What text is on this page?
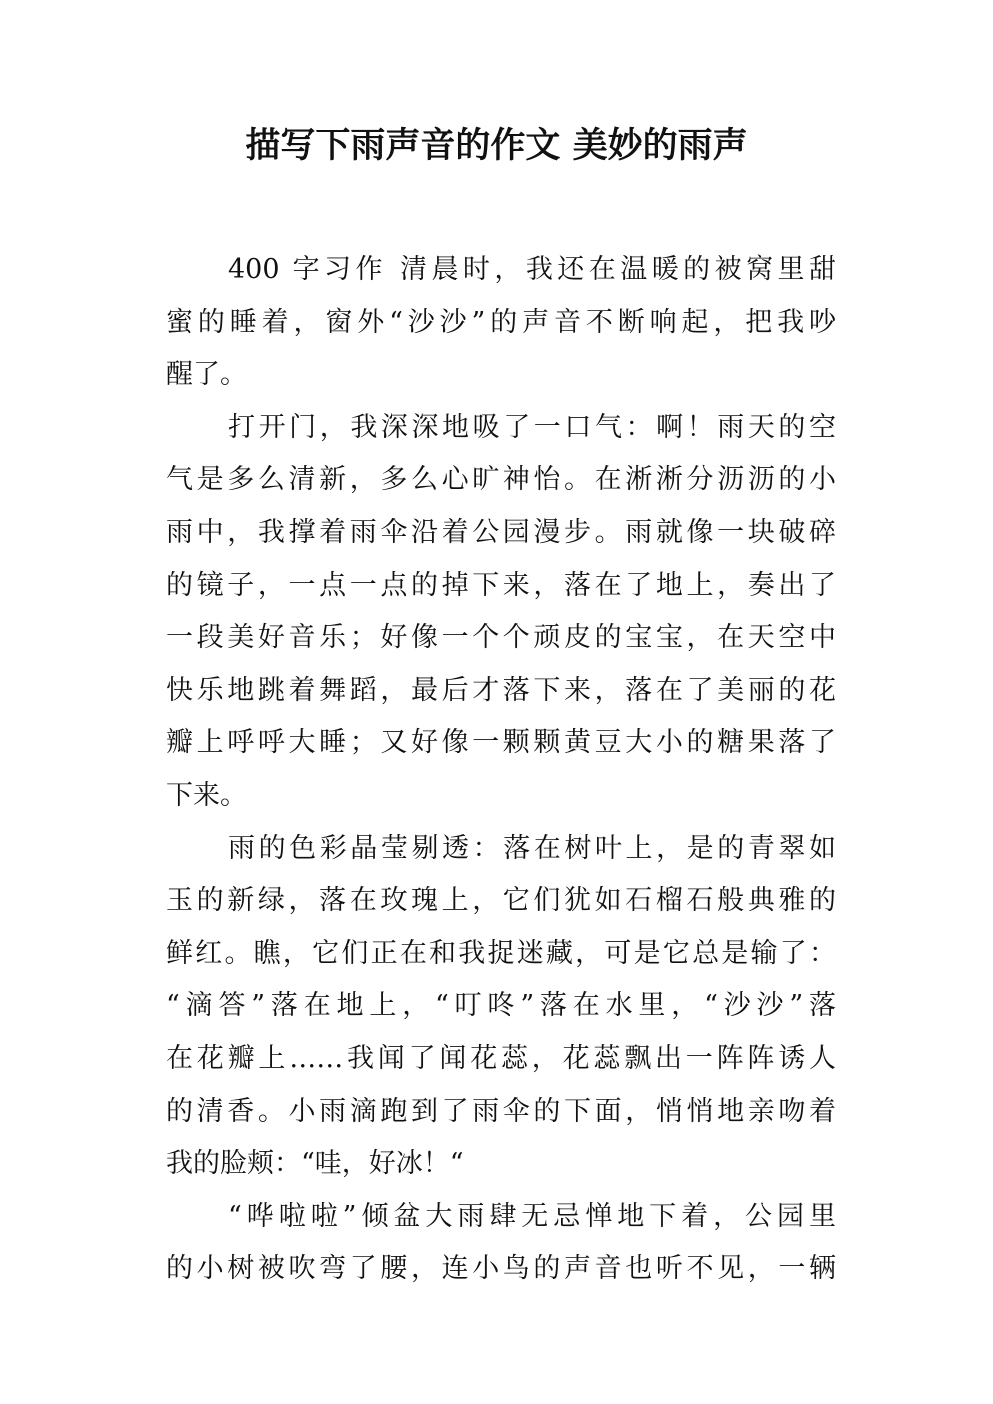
描写下雨声音的作文 美妙的雨声
400 字习作 清晨时，我还在温暖的被窝里甜
蜜的睡着，窗外“沙沙”的声音不断响起，把我吵
醒了。
打开门，我深深地吸了一口气：啊！雨天的空
气是多么清新，多么心旷神怡。在淅淅分沥沥的小
雨中，我撑着雨伞沿着公园漫步。雨就像一块破碎
的镜子，一点一点的掉下来，落在了地上，奏出了
一段美好音乐；好像一个个顽皮的宝宝，在天空中
快乐地跳着舞蹈，最后才落下来，落在了美丽的花
瓣上呼呼大睡；又好像一颗颗黄豆大小的糖果落了
下来。
雨的色彩晶莹剔透：落在树叶上，是的青翠如
玉的新绿，落在玫瑰上，它们犹如石榴石般典雅的
鲜红。瞧，它们正在和我捉迷藏，可是它总是输了：
“滴答”落在地上，“叮咚”落在水里，“沙沙”落
在花瓣上……我闻了闻花蕊，花蕊飘出一阵阵诱人
的清香。小雨滴跑到了雨伞的下面，悄悄地亲吻着
我的脸颊：“哇，好冰！“
“哗啦啦”倾盆大雨肆无忌惮地下着，公园里
的小树被吹弯了腰，连小鸟的声音也听不见，一辆
